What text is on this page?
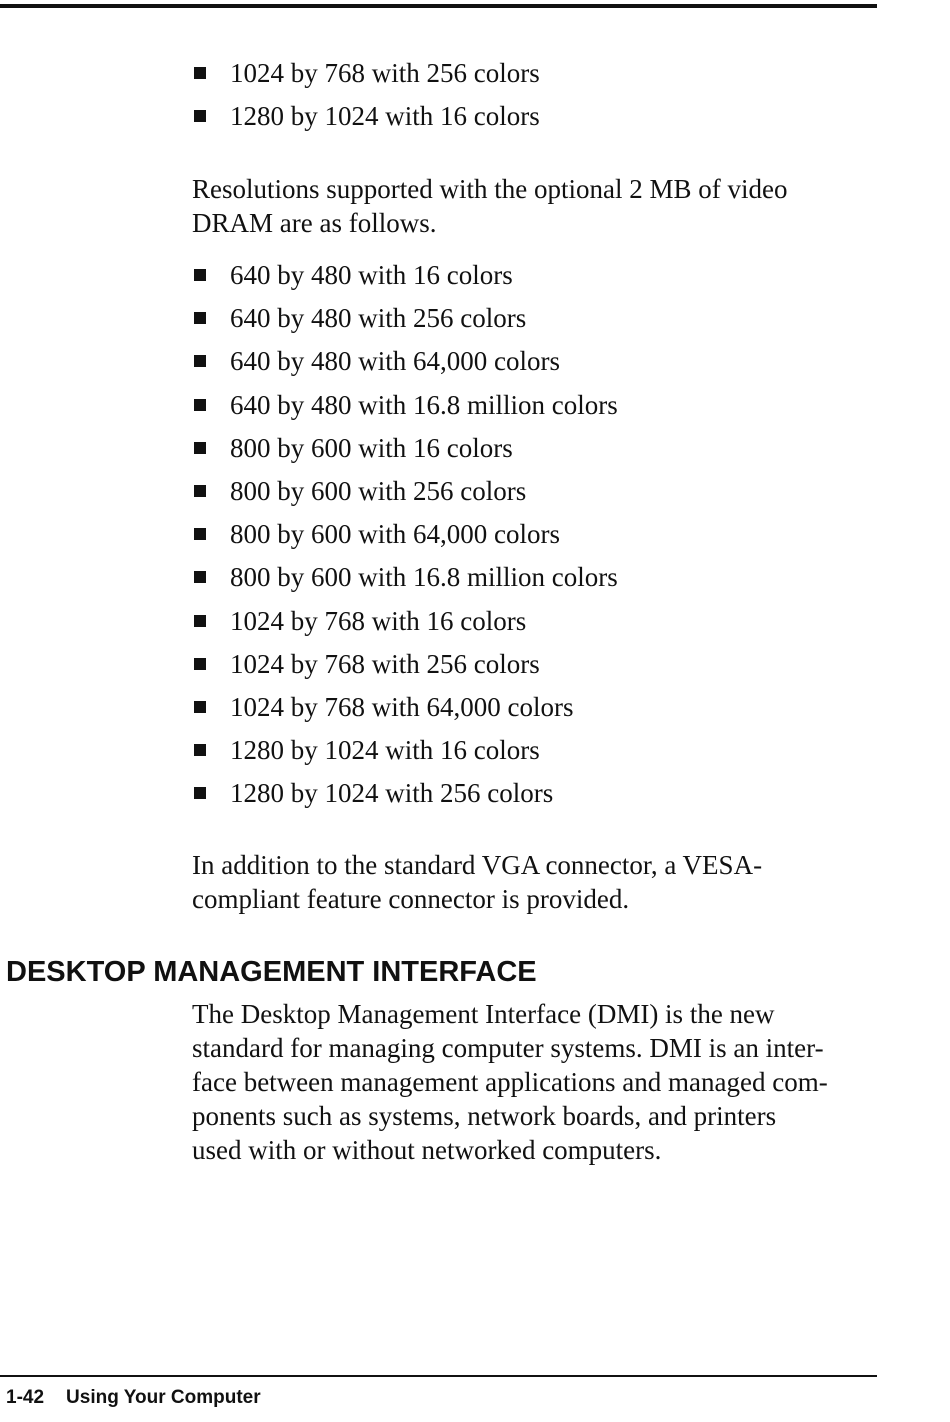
1024 by 768 with 256 colors
1280 by 1024 with 16 colors

Resolutions supported with the optional 2 MB of video
DRAM are as follows.

640 by 480 with 16 colors
640 by 480 with 256 colors
640 by 480 with 64,000 colors
640 by 480 with 16.8 million colors
800 by 600 with 16 colors
800 by 600 with 256 colors
800 by 600 with 64,000 colors
800 by 600 with 16.8 million colors
1024 by 768 with 16 colors
1024 by 768 with 256 colors
1024 by 768 with 64,000 colors
1280 by 1024 with 16 colors
1280 by 1024 with 256 colors

In addition to the standard VGA connector, a VESA-
compliant feature connector is provided.

DESKTOP MANAGEMENT INTERFACE

The Desktop Management Interface (DMI) is the new
standard for managing computer systems. DMI is an inter-
face between management applications and managed com-
ponents such as systems, network boards, and printers
used with or without networked computers.

1-42 Using Your Computer
